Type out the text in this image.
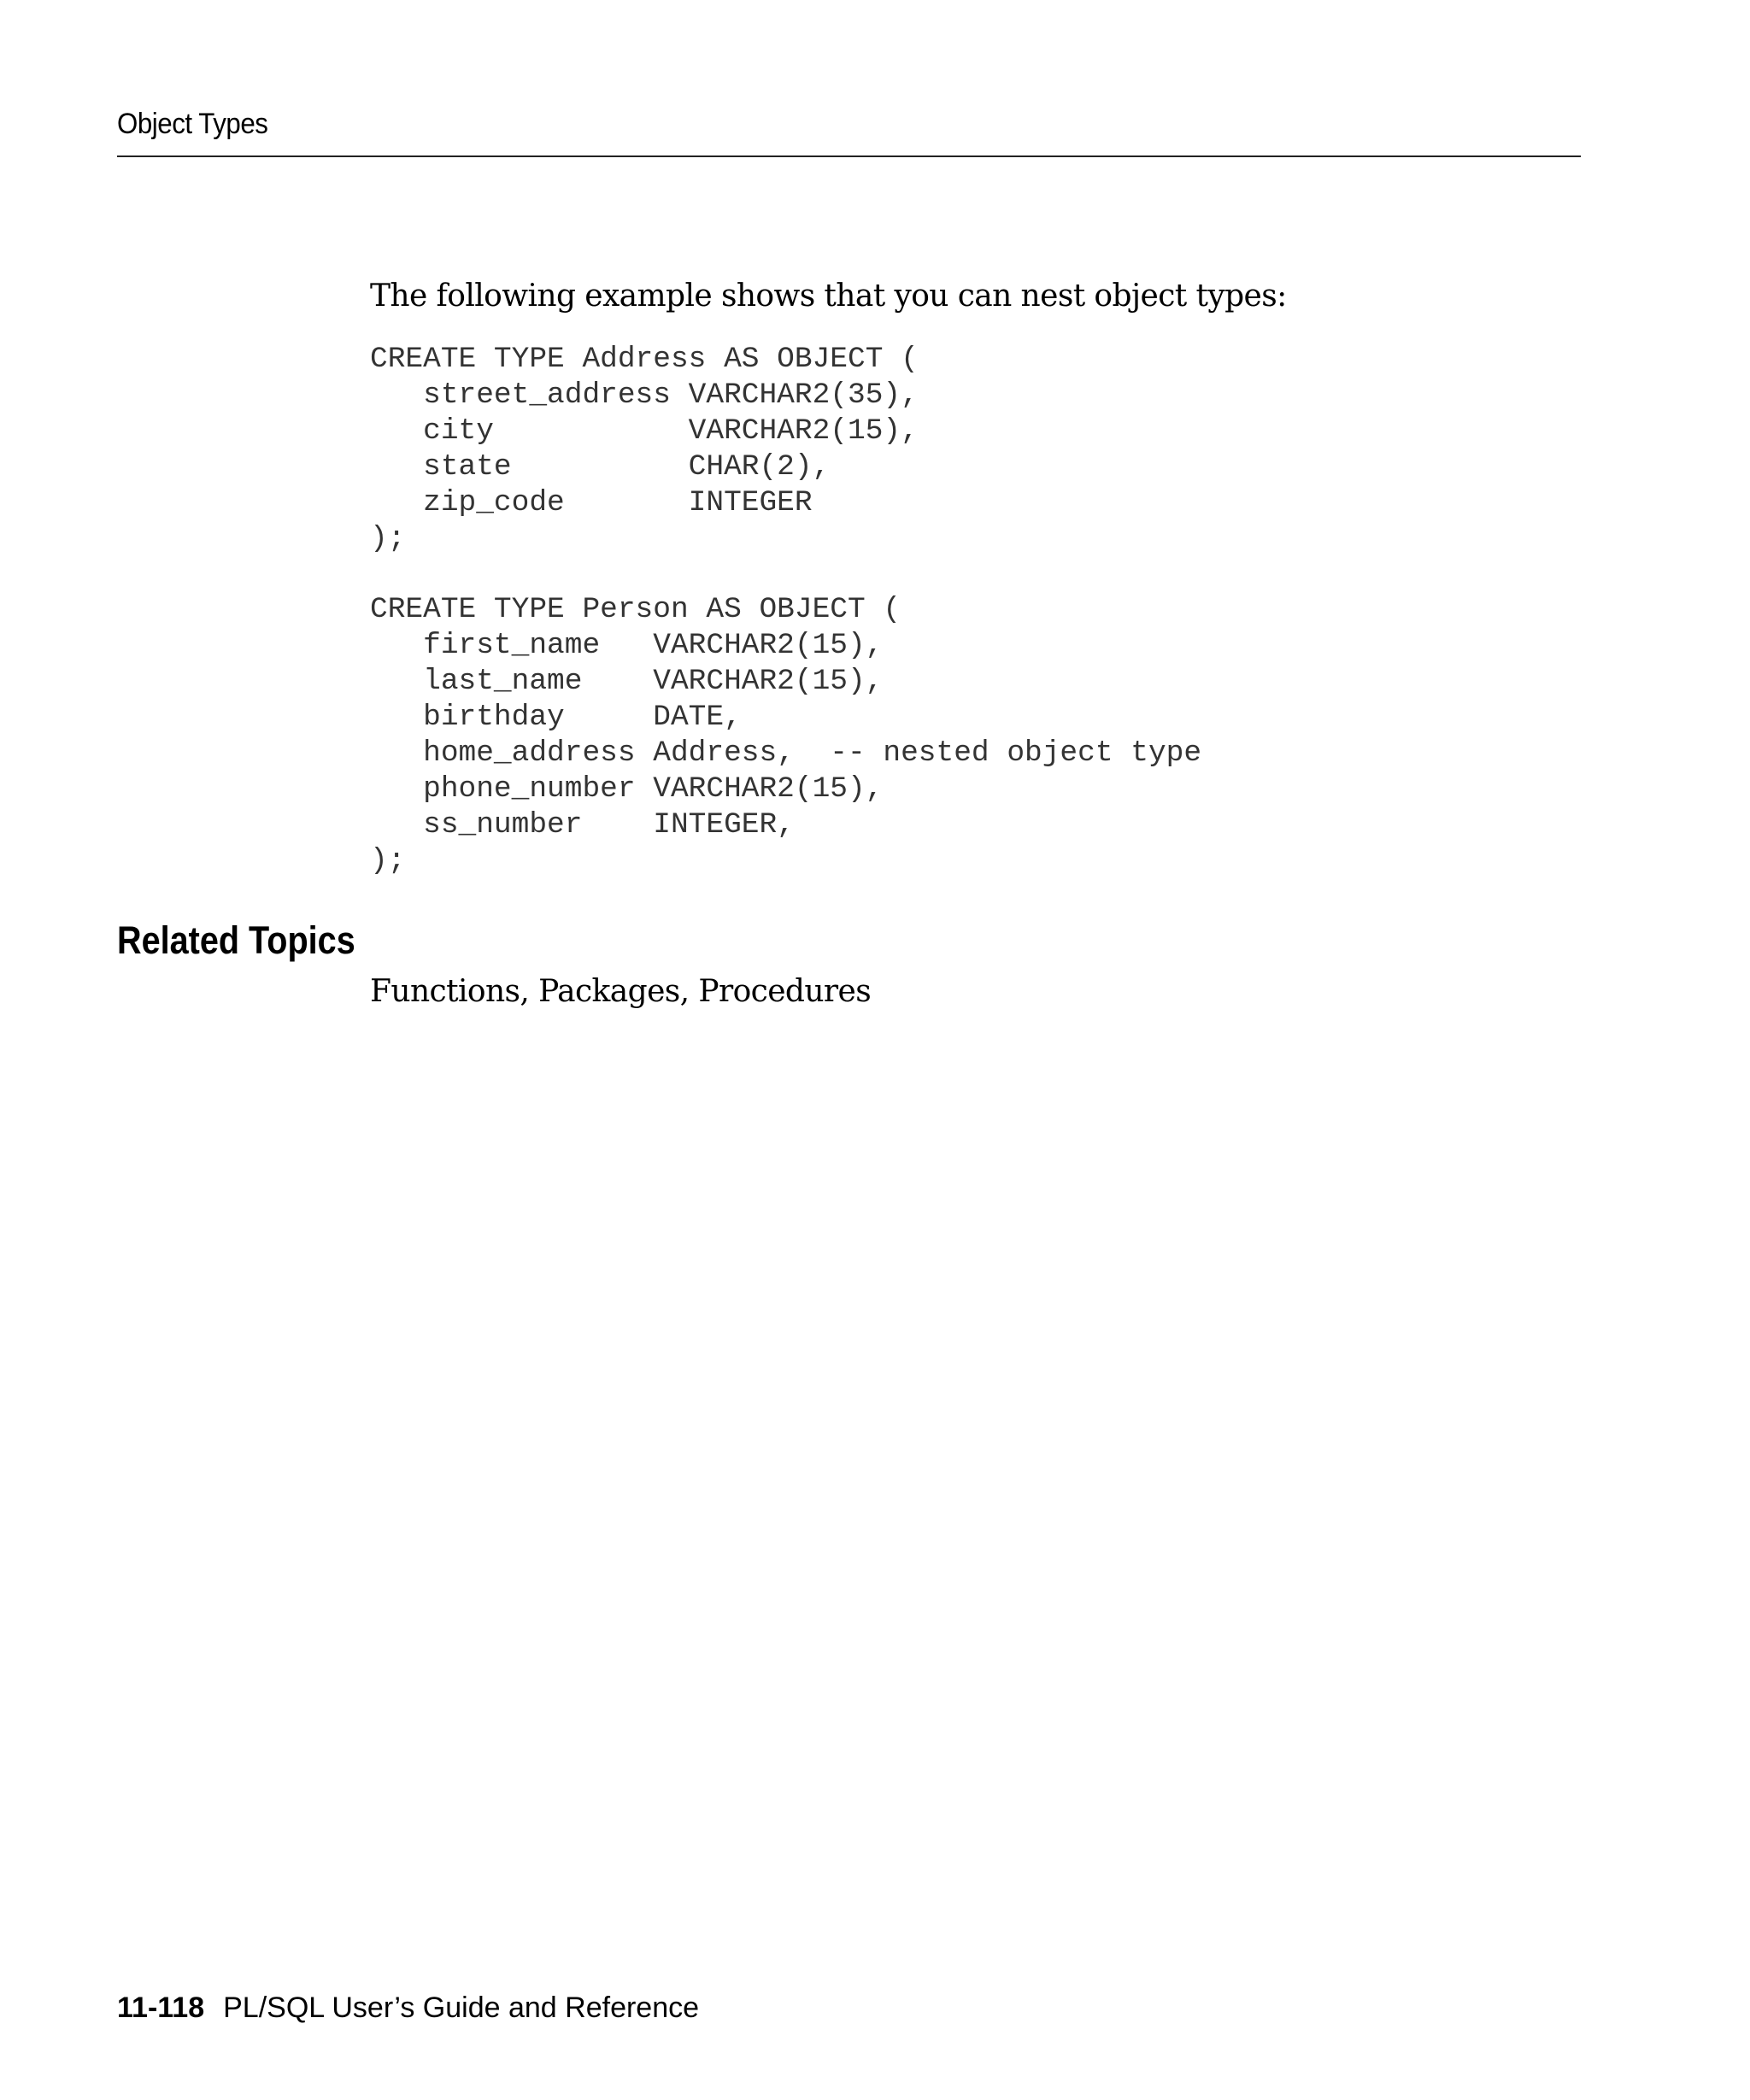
Object Types
The following example shows that you can nest object types:
CREATE TYPE Address AS OBJECT (
street_address VARCHAR2(35),
city           VARCHAR2(15),
state          CHAR(2),
zip_code       INTEGER
);

CREATE TYPE Person AS OBJECT (
first_name   VARCHAR2(15),
last_name    VARCHAR2(15),
birthday     DATE,
home_address Address,  -- nested object type
phone_number VARCHAR2(15),
ss_number    INTEGER,
);
Related Topics
Functions, Packages, Procedures
11-118 PL/SQL User’s Guide and Reference
